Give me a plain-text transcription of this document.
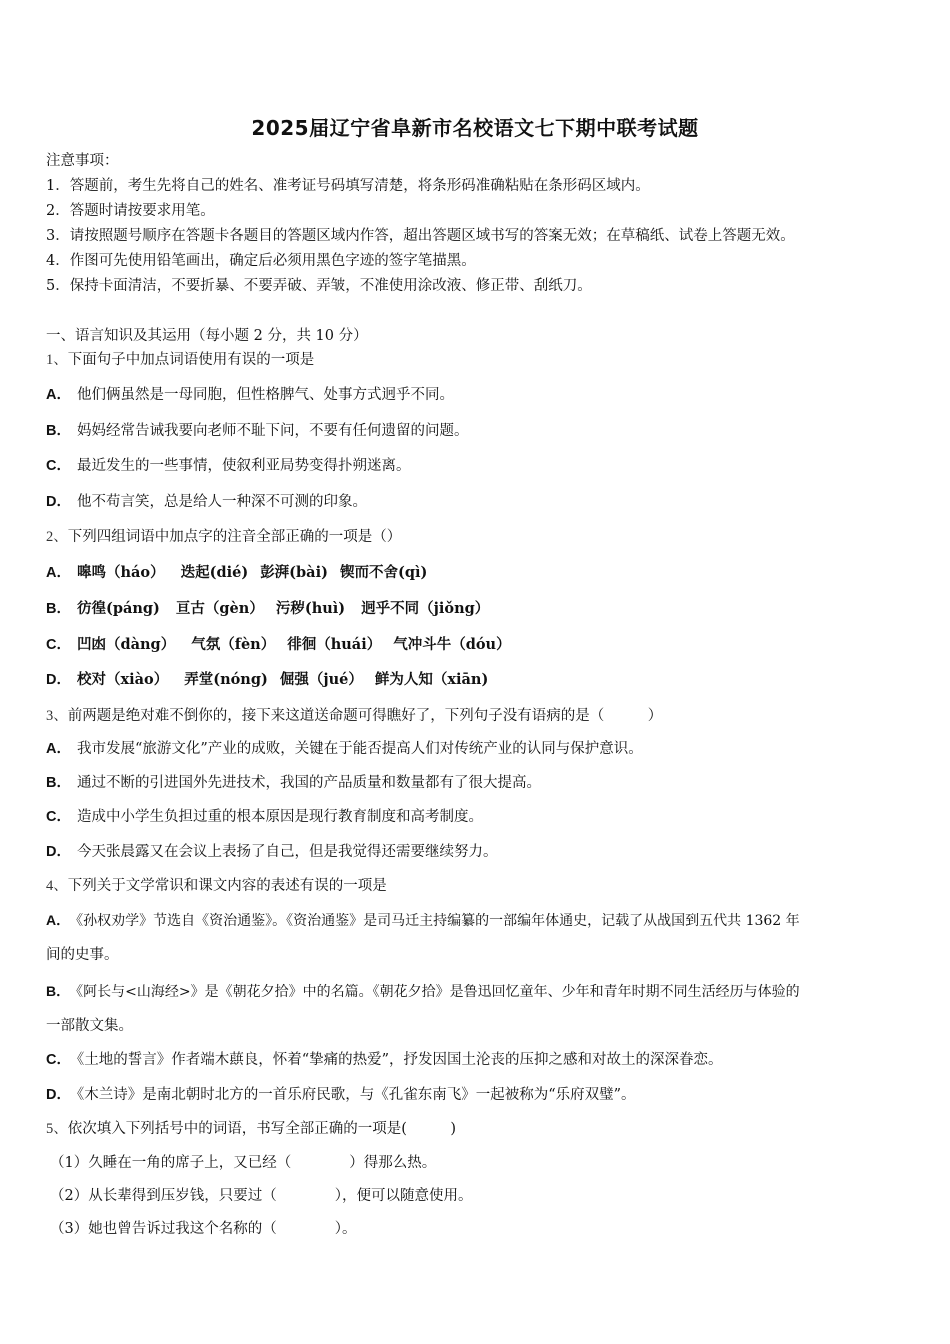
2025届辽宁省阜新市名校语文七下期中联考试题
注意事项：
1．答题前，考生先将自己的姓名、准考证号码填写清楚，将条形码准确粘贴在条形码区域内。
2．答题时请按要求用笔。
3．请按照题号顺序在答题卡各题目的答题区域内作答，超出答题区域书写的答案无效；在草稿纸、试卷上答题无效。
4．作图可先使用铅笔画出，确定后必须用黑色字迹的签字笔描黑。
5．保持卡面清洁，不要折暴、不要弄破、弄皱，不准使用涂改液、修正带、刮纸刀。
一、语言知识及其运用（每小题 2 分，共 10 分）
1、下面句子中加点词语使用有误的一项是
A． 他们俩虽然是一母同胞，但性格脾气、处事方式迥乎不同。
B． 妈妈经常告诫我要向老师不耻下问，不要有任何遗留的问题。
C． 最近发生的一些事情，使叙利亚局势变得扑朔迷离。
D． 他不苟言笑，总是给人一种深不可测的印象。
2、下列四组词语中加点字的注音全部正确的一项是（）
A． 嗥鸣（háo） 迭起(dié) 彭湃(bài) 锲而不舍(qì)
B． 彷徨(páng) 亘古（gèn） 污秽(huì) 迥乎不同（jiǒng）
C． 凹凼（dàng） 气氛（fèn） 徘徊（huái） 气冲斗牛（dóu）
D． 校对（xiào） 弄堂(nóng) 倔强（jué） 鲜为人知（xiān)
3、前两题是绝对难不倒你的，接下来这道送命题可得瞧好了，下列句子没有语病的是（　　　）
A． 我市发展“旅游文化”产业的成败，关键在于能否提高人们对传统产业的认同与保护意识。
B． 通过不断的引进国外先进技术，我国的产品质量和数量都有了很大提高。
C． 造成中小学生负担过重的根本原因是现行教育制度和高考制度。
D． 今天张晨露又在会议上表扬了自己，但是我觉得还需要继续努力。
4、下列关于文学常识和课文内容的表述有误的一项是
A． 《孙权劝学》节选自《资治通鉴》。《资治通鉴》是司马迁主持编纂的一部编年体通史，记载了从战国到五代共 1362 年
间的史事。
B． 《阿长与<山海经>》是《朝花夕拾》中的名篇。《朝花夕拾》是鲁迅回忆童年、少年和青年时期不同生活经历与体验的
一部散文集。
C． 《土地的誓言》作者端木蕻良，怀着“挚痛的热爱”，抒发因国土沦丧的压抑之感和对故土的深深眷恋。
D． 《木兰诗》是南北朝时北方的一首乐府民歌，与《孔雀东南飞》一起被称为“乐府双璧”。
5、依次填入下列括号中的词语，书写全部正确的一项是(　　　)
（1）久睡在一角的席子上，又已经（　　　　）得那么热。
（2）从长辈得到压岁钱，只要过（　　　　），便可以随意使用。
（3）她也曾告诉过我这个名称的（　　　　）。
